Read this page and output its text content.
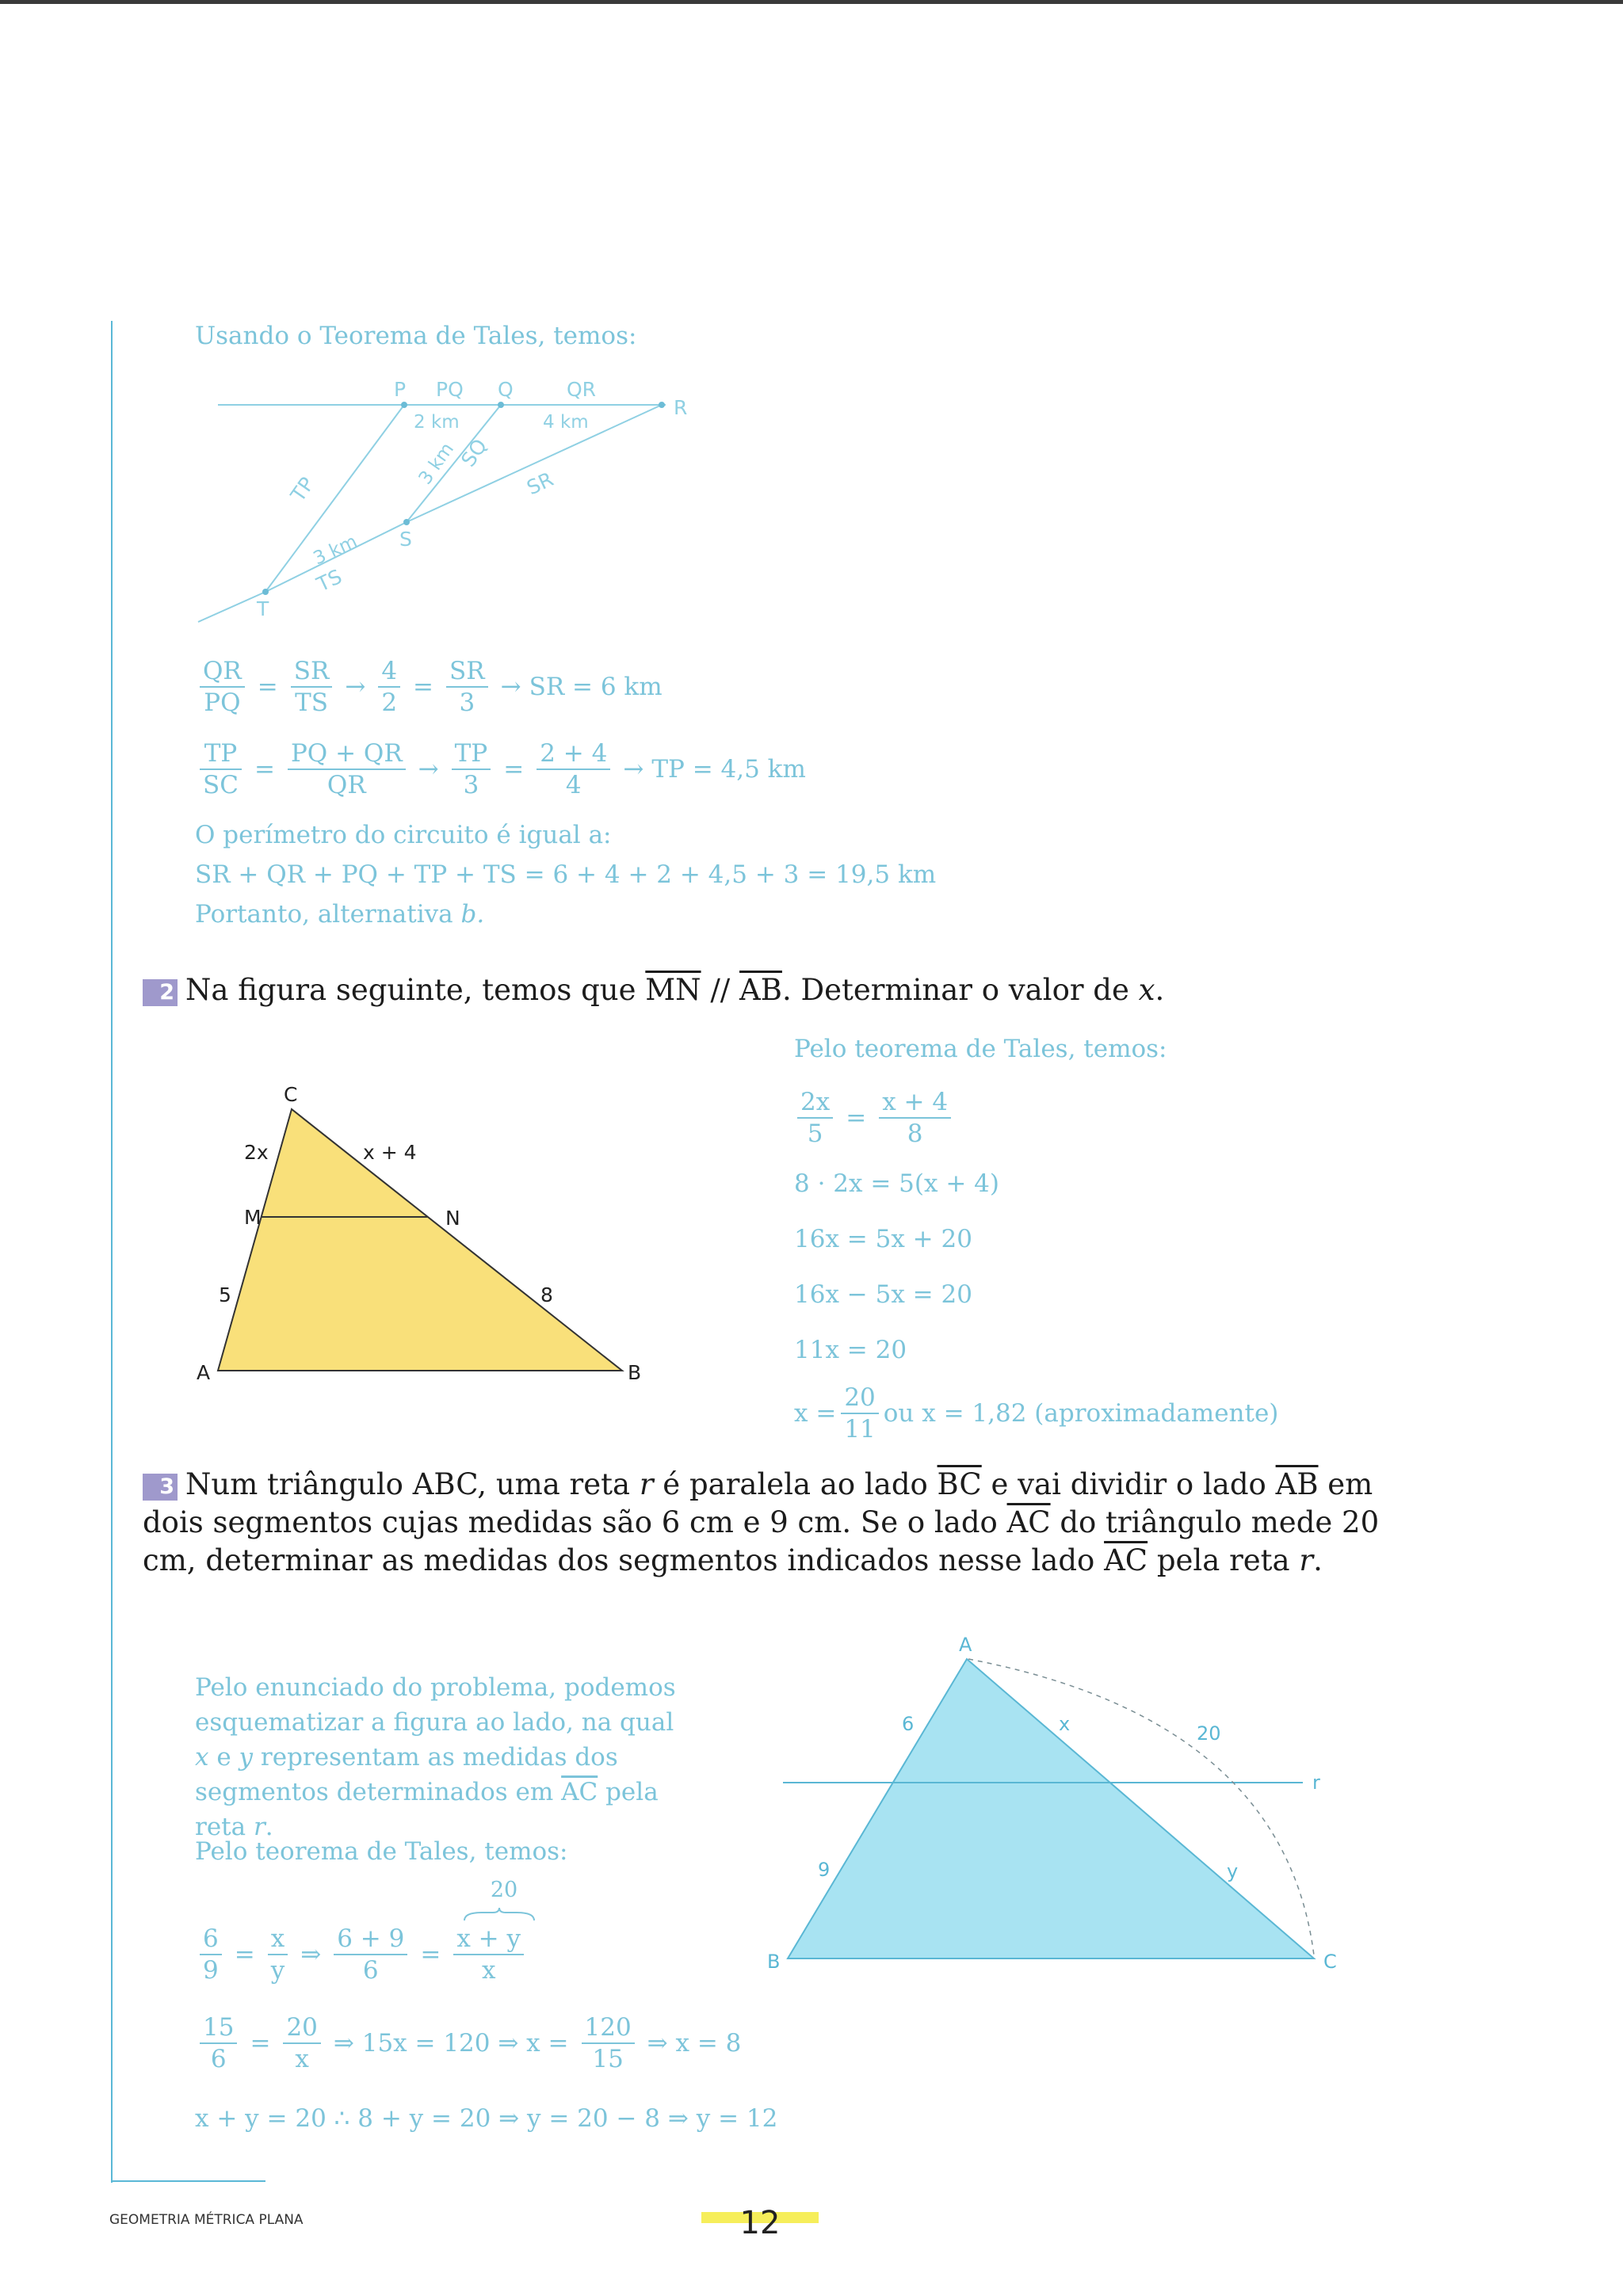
Usando o Teorema de Tales, temos:
P PQ Q	QR
R
S
T
2 km	4 km
TP
3 km
SQ
SR
3 km
TS
$\frac{QR}{PQ} = \frac{SR}{TS} \to \frac{4}{2} = \frac{SR}{3}$ → SR = 6 km
$\frac{TP}{SC} = \frac{PQ + QR}{QR} \to \frac{TP}{3} = \frac{2 + 4}{4}$ → TP = 4,5 km
O perímetro do circuito é igual a:
SR + QR + PQ + TP + TS = 6 + 4 + 2 + 4,5 + 3 = 19,5 km
Portanto, alternativa b.
2 Na figura seguinte, temos que $\overline{MN} // \overline{AB}$. Determinar o valor de x.
C
M	N
A	B
2x	x + 4
5	8
Pelo teorema de Tales, temos:
$\frac{2x}{5} = \frac{x + 4}{8}$
8 · 2x = 5(x + 4)
16x = 5x + 20
16x − 5x = 20
11x = 20
$x = \frac{20}{11}$ ou x = 1,82 (aproximadamente)
3 Num triângulo ABC, uma reta r é paralela ao lado $\overline{BC}$ e vai dividir o lado $\overline{AB}$ em dois segmentos cujas medidas são 6 cm e 9 cm. Se o lado $\overline{AC}$ do triângulo mede 20 cm, determinar as medidas dos segmentos indicados nesse lado $\overline{AC}$ pela reta r.
Pelo enunciado do problema, podemos esquematizar a figura ao lado, na qual x e y representam as medidas dos segmentos determinados em $\overline{AC}$ pela reta r.
Pelo teorema de Tales, temos:
20
$\frac{6}{9} = \frac{x}{y}$ ⇒ $\frac{6 + 9}{6} = \frac{x + y}{x}$
$\frac{15}{6} = \frac{20}{x}$ ⇒ 15x = 120 ⇒ $x = \frac{120}{15}$ ⇒ x = 8
x + y = 20 ∴ 8 + y = 20 ⇒ y = 20 − 8 ⇒ y = 12
A
B	C
r
6
9
x
y
20
GEOMETRIA MÉTRICA PLANA	12
